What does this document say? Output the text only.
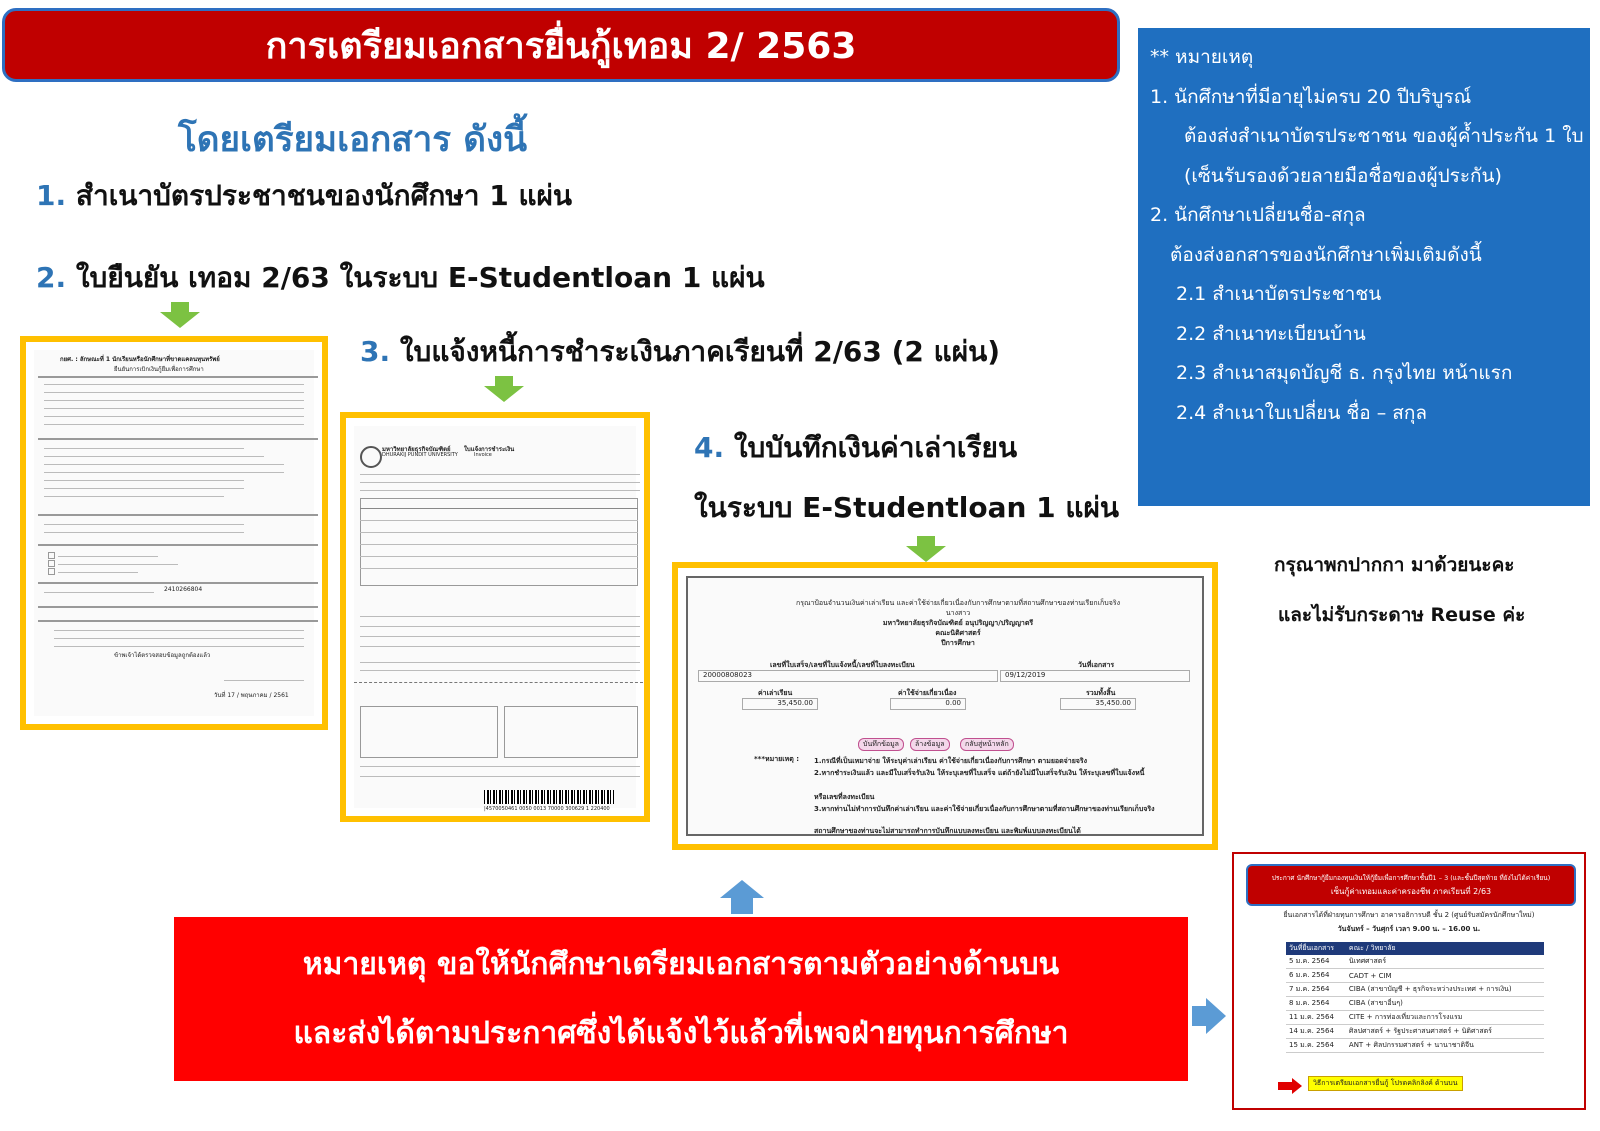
การเตรียมเอกสารยื่นกู้เทอม 2/ 2563
โดยเตรียมเอกสาร ดังนี้
1. สำเนาบัตรประชาชนของนักศึกษา 1 แผ่น
2. ใบยืนยัน เทอม 2/63 ในระบบ E-Studentloan 1 แผ่น
3. ใบแจ้งหนี้การชำระเงินภาคเรียนที่ 2/63 (2 แผ่น)
4. ใบบันทึกเงินค่าเล่าเรียน
ในระบบ E-Studentloan 1 แผ่น
** หมายเหตุ
1. นักศึกษาที่มีอายุไม่ครบ 20 ปีบริบูรณ์
ต้องส่งสำเนาบัตรประชาชน ของผู้ค้ำประกัน 1 ใบ
(เซ็นรับรองด้วยลายมือชื่อของผู้ประกัน)
2. นักศึกษาเปลี่ยนชื่อ-สกุล
ต้องส่งอกสารของนักศึกษาเพิ่มเติมดังนี้
2.1 สำเนาบัตรประชาชน
2.2 สำเนาทะเบียนบ้าน
2.3 สำเนาสมุดบัญชี ธ. กรุงไทย หน้าแรก
2.4 สำเนาใบเปลี่ยน ชื่อ – สกุล
กรุณาพกปากกา มาด้วยนะคะ
และไม่รับกระดาษ Reuse ค่ะ
กยศ. : ลักษณะที่ 1 นักเรียนหรือนักศึกษาที่ขาดแคลนทุนทรัพย์
ยืนยันการเบิกเงินกู้ยืมเพื่อการศึกษา
2410266804
ข้าพเจ้าได้ตรวจสอบข้อมูลถูกต้องแล้ว
วันที่ 17 / พฤษภาคม / 2561
มหาวิทยาลัยธุรกิจบัณฑิตย์
DHURAKIJ PUNDIT UNIVERSITY
ใบแจ้งการชำระเงิน
Invoice
|4570050461 0050 0013 70000 300629 1 220400
กรุณาป้อนจำนวนเงินค่าเล่าเรียน และค่าใช้จ่ายเกี่ยวเนื่องกับการศึกษาตามที่สถานศึกษาของท่านเรียกเก็บจริง
นางสาว
มหาวิทยาลัยธุรกิจบัณฑิตย์ อนุปริญญา/ปริญญาตรี
คณะนิติศาสตร์
ปีการศึกษา
เลขที่ใบเสร็จ/เลขที่ใบแจ้งหนี้/เลขที่ใบลงทะเบียน	วันที่เอกสาร
20000808023	09/12/2019
ค่าเล่าเรียน	ค่าใช้จ่ายเกี่ยวเนื่อง	รวมทั้งสิ้น
35,450.00	0.00	35,450.00
บันทึกข้อมูล	ล้างข้อมูล	กลับสู่หน้าหลัก
***หมายเหตุ : 1.กรณีที่เป็นเหมาจ่าย ให้ระบุค่าเล่าเรียน ค่าใช้จ่ายเกี่ยวเนื่องกับการศึกษา ตามยอดจ่ายจริง
2.หากชำระเงินแล้ว และมีใบเสร็จรับเงิน ให้ระบุเลขที่ใบเสร็จ แต่ถ้ายังไม่มีใบเสร็จรับเงิน ให้ระบุเลขที่ใบแจ้งหนี้
หรือเลขที่ลงทะเบียน
3.หากท่านไม่ทำการบันทึกค่าเล่าเรียน และค่าใช้จ่ายเกี่ยวเนื่องกับการศึกษาตามที่สถานศึกษาของท่านเรียกเก็บจริง
สถานศึกษาของท่านจะไม่สามารถทำการบันทึกแบบลงทะเบียน และพิมพ์แบบลงทะเบียนได้
หมายเหตุ ขอให้นักศึกษาเตรียมเอกสารตามตัวอย่างด้านบน
และส่งได้ตามประกาศซึ่งได้แจ้งไว้แล้วที่เพจฝ่ายทุนการศึกษา
ประกาศ นักศึกษากู้ยืมกองทุนเงินให้กู้ยืมเพื่อการศึกษาชั้นปี1 – 3 (และชั้นปีสุดท้าย ที่ยังไม่ได้ค่าเรียน)
เซ็นกู้ค่าเทอมและค่าครองชีพ ภาคเรียนที่ 2/63
ยื่นเอกสารได้ที่ฝ่ายทุนการศึกษา อาคารอธิการบดี ชั้น 2 (ศูนย์รับสมัครนักศึกษาใหม่)
วันจันทร์ – วันศุกร์ เวลา 9.00 น. – 16.00 น.
วันที่ยื่นเอกสาร	คณะ / วิทยาลัย
5 ม.ค. 2564	นิเทศศาสตร์
6 ม.ค. 2564	CADT + CIM
7 ม.ค. 2564	CIBA (สาขาบัญชี + ธุรกิจระหว่างประเทศ + การเงิน)
8 ม.ค. 2564	CIBA (สาขาอื่นๆ)
11 ม.ค. 2564	CITE + การท่องเที่ยวและการโรงแรม
14 ม.ค. 2564	ศิลปศาสตร์ + รัฐประศาสนศาสตร์ + นิติศาสตร์
15 ม.ค. 2564	ANT + ศิลปกรรมศาสตร์ + นานาชาติจีน
วิธีการเตรียมเอกสารยื่นกู้ โปรดคลิกลิงค์ ด้านบน
